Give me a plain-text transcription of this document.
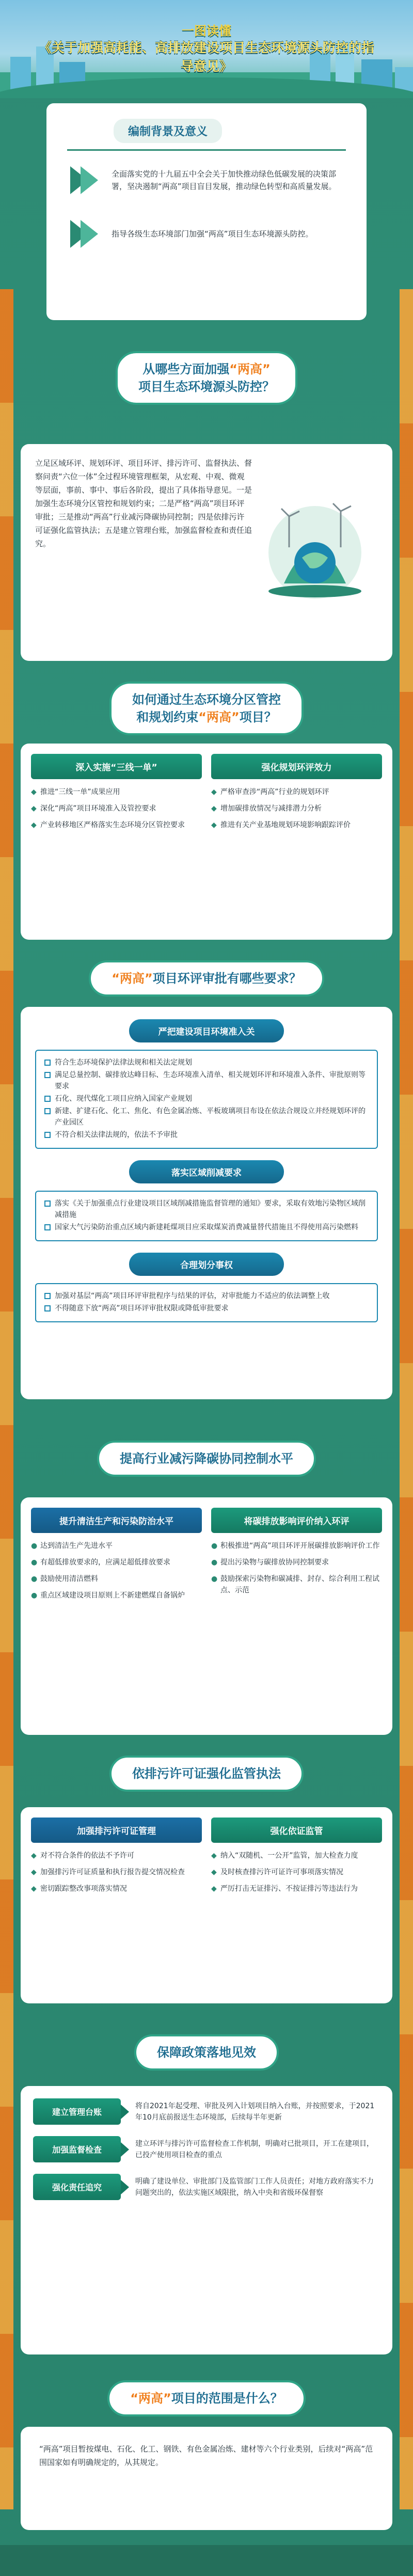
一图读懂
《关于加强高耗能、高排放建设项目生态环境源头防控的指导意见》
编制背景及意义
全面落实党的十九届五中全会关于加快推动绿色低碳发展的决策部署，坚决遏制“两高”项目盲目发展，推动绿色转型和高质量发展。
指导各级生态环境部门加强“两高”项目生态环境源头防控。
从哪些方面加强“两高”
项目生态环境源头防控？
立足区域环评、规划环评、项目环评、排污许可、监督执法、督察问责“六位一体”全过程环境管理框架，从宏观、中观、微观等层面，事前、事中、事后各阶段，提出了具体指导意见。一是加强生态环境分区管控和规划约束；二是严格“两高”项目环评审批；三是推动“两高”行业减污降碳协同控制；四是依排污许可证强化监管执法；五是建立管理台账，加强监督检查和责任追究。
如何通过生态环境分区管控
和规划约束“两高”项目？
深入实施“三线一单”
◆ 推进“三线一单”成果应用
◆ 深化“两高”项目环境准入及管控要求
◆ 产业转移地区严格落实生态环境分区管控要求
强化规划环评效力
◆ 严格审查涉“两高”行业的规划环评
◆ 增加碳排放情况与减排潜力分析
◆ 推进有关产业基地规划环境影响跟踪评价
“两高”项目环评审批有哪些要求？
严把建设项目环境准入关
符合生态环境保护法律法规和相关法定规划
满足总量控制、碳排放达峰目标、生态环境准入清单、相关规划环评和环境准入条件、审批原则等要求
石化、现代煤化工项目应纳入国家产业规划
新建、扩建石化、化工、焦化、有色金属冶炼、平板玻璃项目布设在依法合规设立并经规划环评的产业园区
不符合相关法律法规的，依法不予审批
落实区域削减要求
落实《关于加强重点行业建设项目区域削减措施监督管理的通知》要求，采取有效地污染物区域削减措施
国家大气污染防治重点区域内新建耗煤项目应采取煤炭消费减量替代措施且不得使用高污染燃料
合理划分事权
加强对基层“两高”项目环评审批程序与结果的评估，对审批能力不适应的依法调整上收
不得随意下放“两高”项目环评审批权限或降低审批要求
提高行业减污降碳协同控制水平
提升清洁生产和污染防治水平
● 达到清洁生产先进水平
● 有超低排放要求的，应满足超低排放要求
● 鼓励使用清洁燃料
● 重点区域建设项目原则上不新建燃煤自备锅炉
将碳排放影响评价纳入环评
● 积极推进“两高”项目环评开展碳排放影响评价工作
● 提出污染物与碳排放协同控制要求
● 鼓励探索污染物和碳减排、封存、综合利用工程试点、示范
依排污许可证强化监管执法
加强排污许可证管理
◆ 对不符合条件的依法不予许可
◆ 加强排污许可证质量和执行报告提交情况检查
◆ 密切跟踪整改事项落实情况
强化依证监管
◆ 纳入“双随机、一公开”监管，加大检查力度
◆ 及时核查排污许可证许可事项落实情况
◆ 严厉打击无证排污、不按证排污等违法行为
保障政策落地见效
建立管理台账
将自2021年起受理、审批及列入计划项目纳入台账，并按照要求，于2021年10月底前报送生态环境部，后续每半年更新
加强监督检查
建立环评与排污许可监督检查工作机制，明确对已批项目，开工在建项目，已投产使用项目检查的重点
强化责任追究
明确了建设单位、审批部门及监管部门工作人员责任；对地方政府落实不力问题突出的，依法实施区域限批，纳入中央和省级环保督察
“两高”项目的范围是什么？
“两高”项目暂按煤电、石化、化工、钢铁、有色金属冶炼、建材等六个行业类别，后续对“两高”范围国家如有明确规定的，从其规定。
